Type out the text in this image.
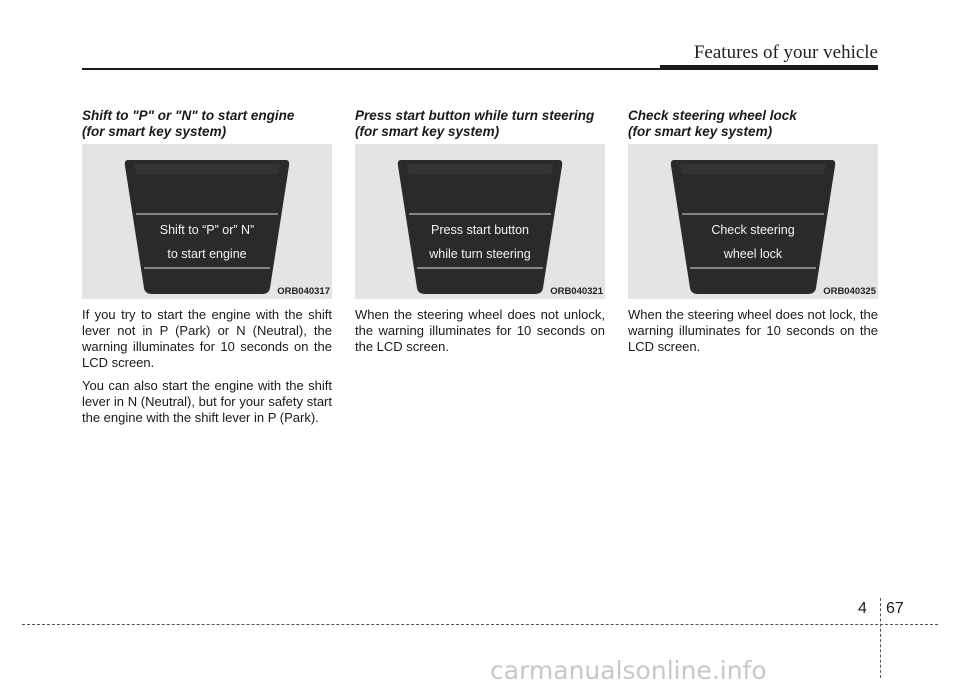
Features of your vehicle
Shift to "P" or "N" to start engine
(for smart key system)
Shift to “P” or” N”
to start engine
ORB040317

If you try to start the engine with the shift lever not in P (Park) or N (Neutral), the warning illuminates for 10 seconds on the LCD screen.

You can also start the engine with the shift lever in N (Neutral), but for your safety start the engine with the shift lever in P (Park).

Press start button while turn steering
(for smart key system)
Press start button
while turn steering
ORB040321

When the steering wheel does not unlock, the warning illuminates for 10 seconds on the LCD screen.

Check steering wheel lock
(for smart key system)
Check steering
wheel lock
ORB040325

When the steering wheel does not lock, the warning illuminates for 10 seconds on the LCD screen.

4 67
carmanualsonline.info
